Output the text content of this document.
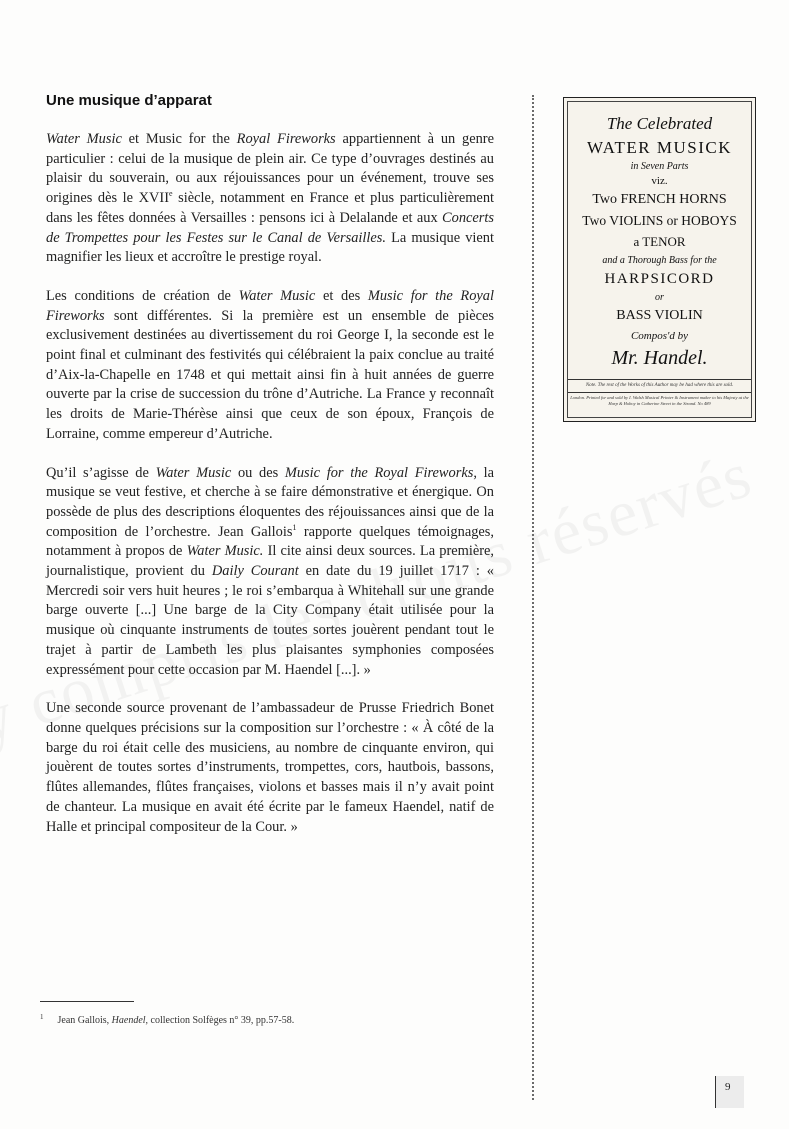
Une musique d’apparat

Water Music et Music for the Royal Fireworks appartiennent à un genre particulier : celui de la musique de plein air. Ce type d’ouvrages destinés au plaisir du souverain, ou aux réjouissances pour un événement, trouve ses origines dès le XVIIe siècle, notamment en France et plus particulièrement dans les fêtes données à Versailles : pensons ici à Delalande et aux Concerts de Trompettes pour les Festes sur le Canal de Versailles. La musique vient magnifier les lieux et accroître le prestige royal.

Les conditions de création de Water Music et des Music for the Royal Fireworks sont différentes. Si la première est un ensemble de pièces exclusivement destinées au divertissement du roi George I, la seconde est le point final et culminant des festivités qui célébraient la paix conclue au traité d’Aix-la-Chapelle en 1748 et qui mettait ainsi fin à huit années de guerre ouverte par la crise de succession du trône d’Autriche. La France y reconnaît les droits de Marie-Thérèse ainsi que ceux de son époux, François de Lorraine, comme empereur d’Autriche.

Qu’il s’agisse de Water Music ou des Music for the Royal Fireworks, la musique se veut festive, et cherche à se faire démonstrative et énergique. On possède de plus des descriptions éloquentes des réjouissances ainsi que de la composition de l’orchestre. Jean Gallois$^1$ rapporte quelques témoignages, notamment à propos de Water Music. Il cite ainsi deux sources. La première, journalistique, provient du Daily Courant en date du 19 juillet 1717 : « Mercredi soir vers huit heures ; le roi s’embarqua à Whitehall sur une grande barge ouverte [...] Une barge de la City Company était utilisée pour la musique où cinquante instruments de toutes sortes jouèrent pendant tout le trajet à partir de Lambeth les plus plaisantes symphonies composées expressément pour cette occasion par M. Haendel [...]. »

Une seconde source provenant de l’ambassadeur de Prusse Friedrich Bonet donne quelques précisions sur la composition sur l’orchestre : « À côté de la barge du roi était celle des musiciens, au nombre de cinquante environ, qui jouèrent de toutes sortes d’instruments, trompettes, cors, hautbois, bassons, flûtes allemandes, flûtes françaises, violons et basses mais il n’y avait point de chanteur. La musique en avait été écrite par le fameux Haendel, natif de Halle et principal compositeur de la Cour. »

The Celebrated
WATER MUSICK
in Seven Parts
viz.
Two FRENCH HORNS
Two VIOLINS or HOBOYS
a TENOR
and a Thorough Bass for the
HARPSICORD
or
BASS VIOLIN
Compos'd by
Mr. Handel.
Note. The rest of the Works of this Author may be had where this are sold.
London. Printed for and sold by I. Walsh Musical Printer & Instrument maker to his Majesty at the Harp & Hoboy in Catherine Street in the Strand. No 489
$^1$ Jean Gallois, Haendel, collection Solfèges n° 39, pp.57-58.
9
